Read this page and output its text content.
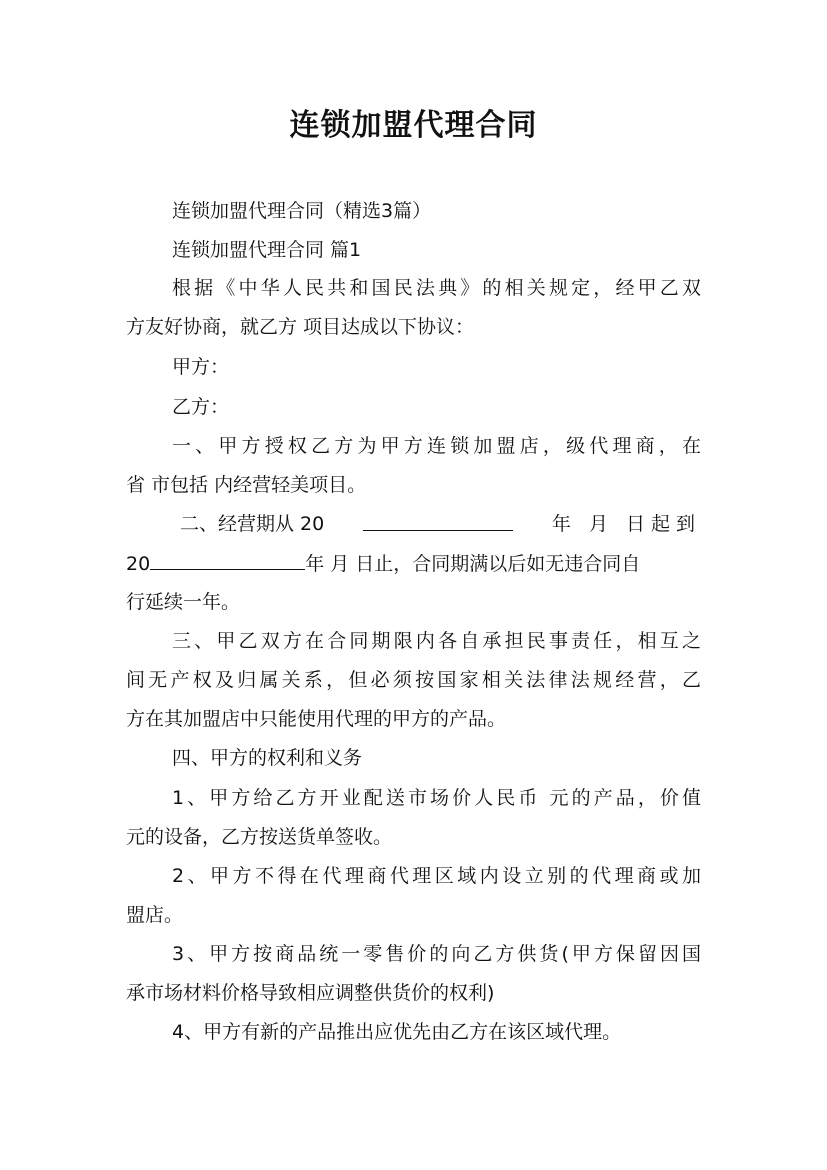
连锁加盟代理合同
连锁加盟代理合同（精选3篇）
连锁加盟代理合同 篇1
根据《中华人民共和国民法典》的相关规定，经甲乙双
方友好协商，就乙方 项目达成以下协议：
甲方：
乙方：
一、甲方授权乙方为甲方连锁加盟店，级代理商，在
省 市包括 内经营轻美项目。
二、经营期从 20	年 月 日起到
20	年 月 日止，合同期满以后如无违合同自
行延续一年。
三、甲乙双方在合同期限内各自承担民事责任，相互之
间无产权及归属关系，但必须按国家相关法律法规经营，乙
方在其加盟店中只能使用代理的甲方的产品。
四、甲方的权利和义务
1、甲方给乙方开业配送市场价人民币 元的产品，价值
元的设备，乙方按送货单签收。
2、甲方不得在代理商代理区域内设立别的代理商或加
盟店。
3、甲方按商品统一零售价的向乙方供货(甲方保留因国
承市场材料价格导致相应调整供货价的权利)
4、甲方有新的产品推出应优先由乙方在该区域代理。
